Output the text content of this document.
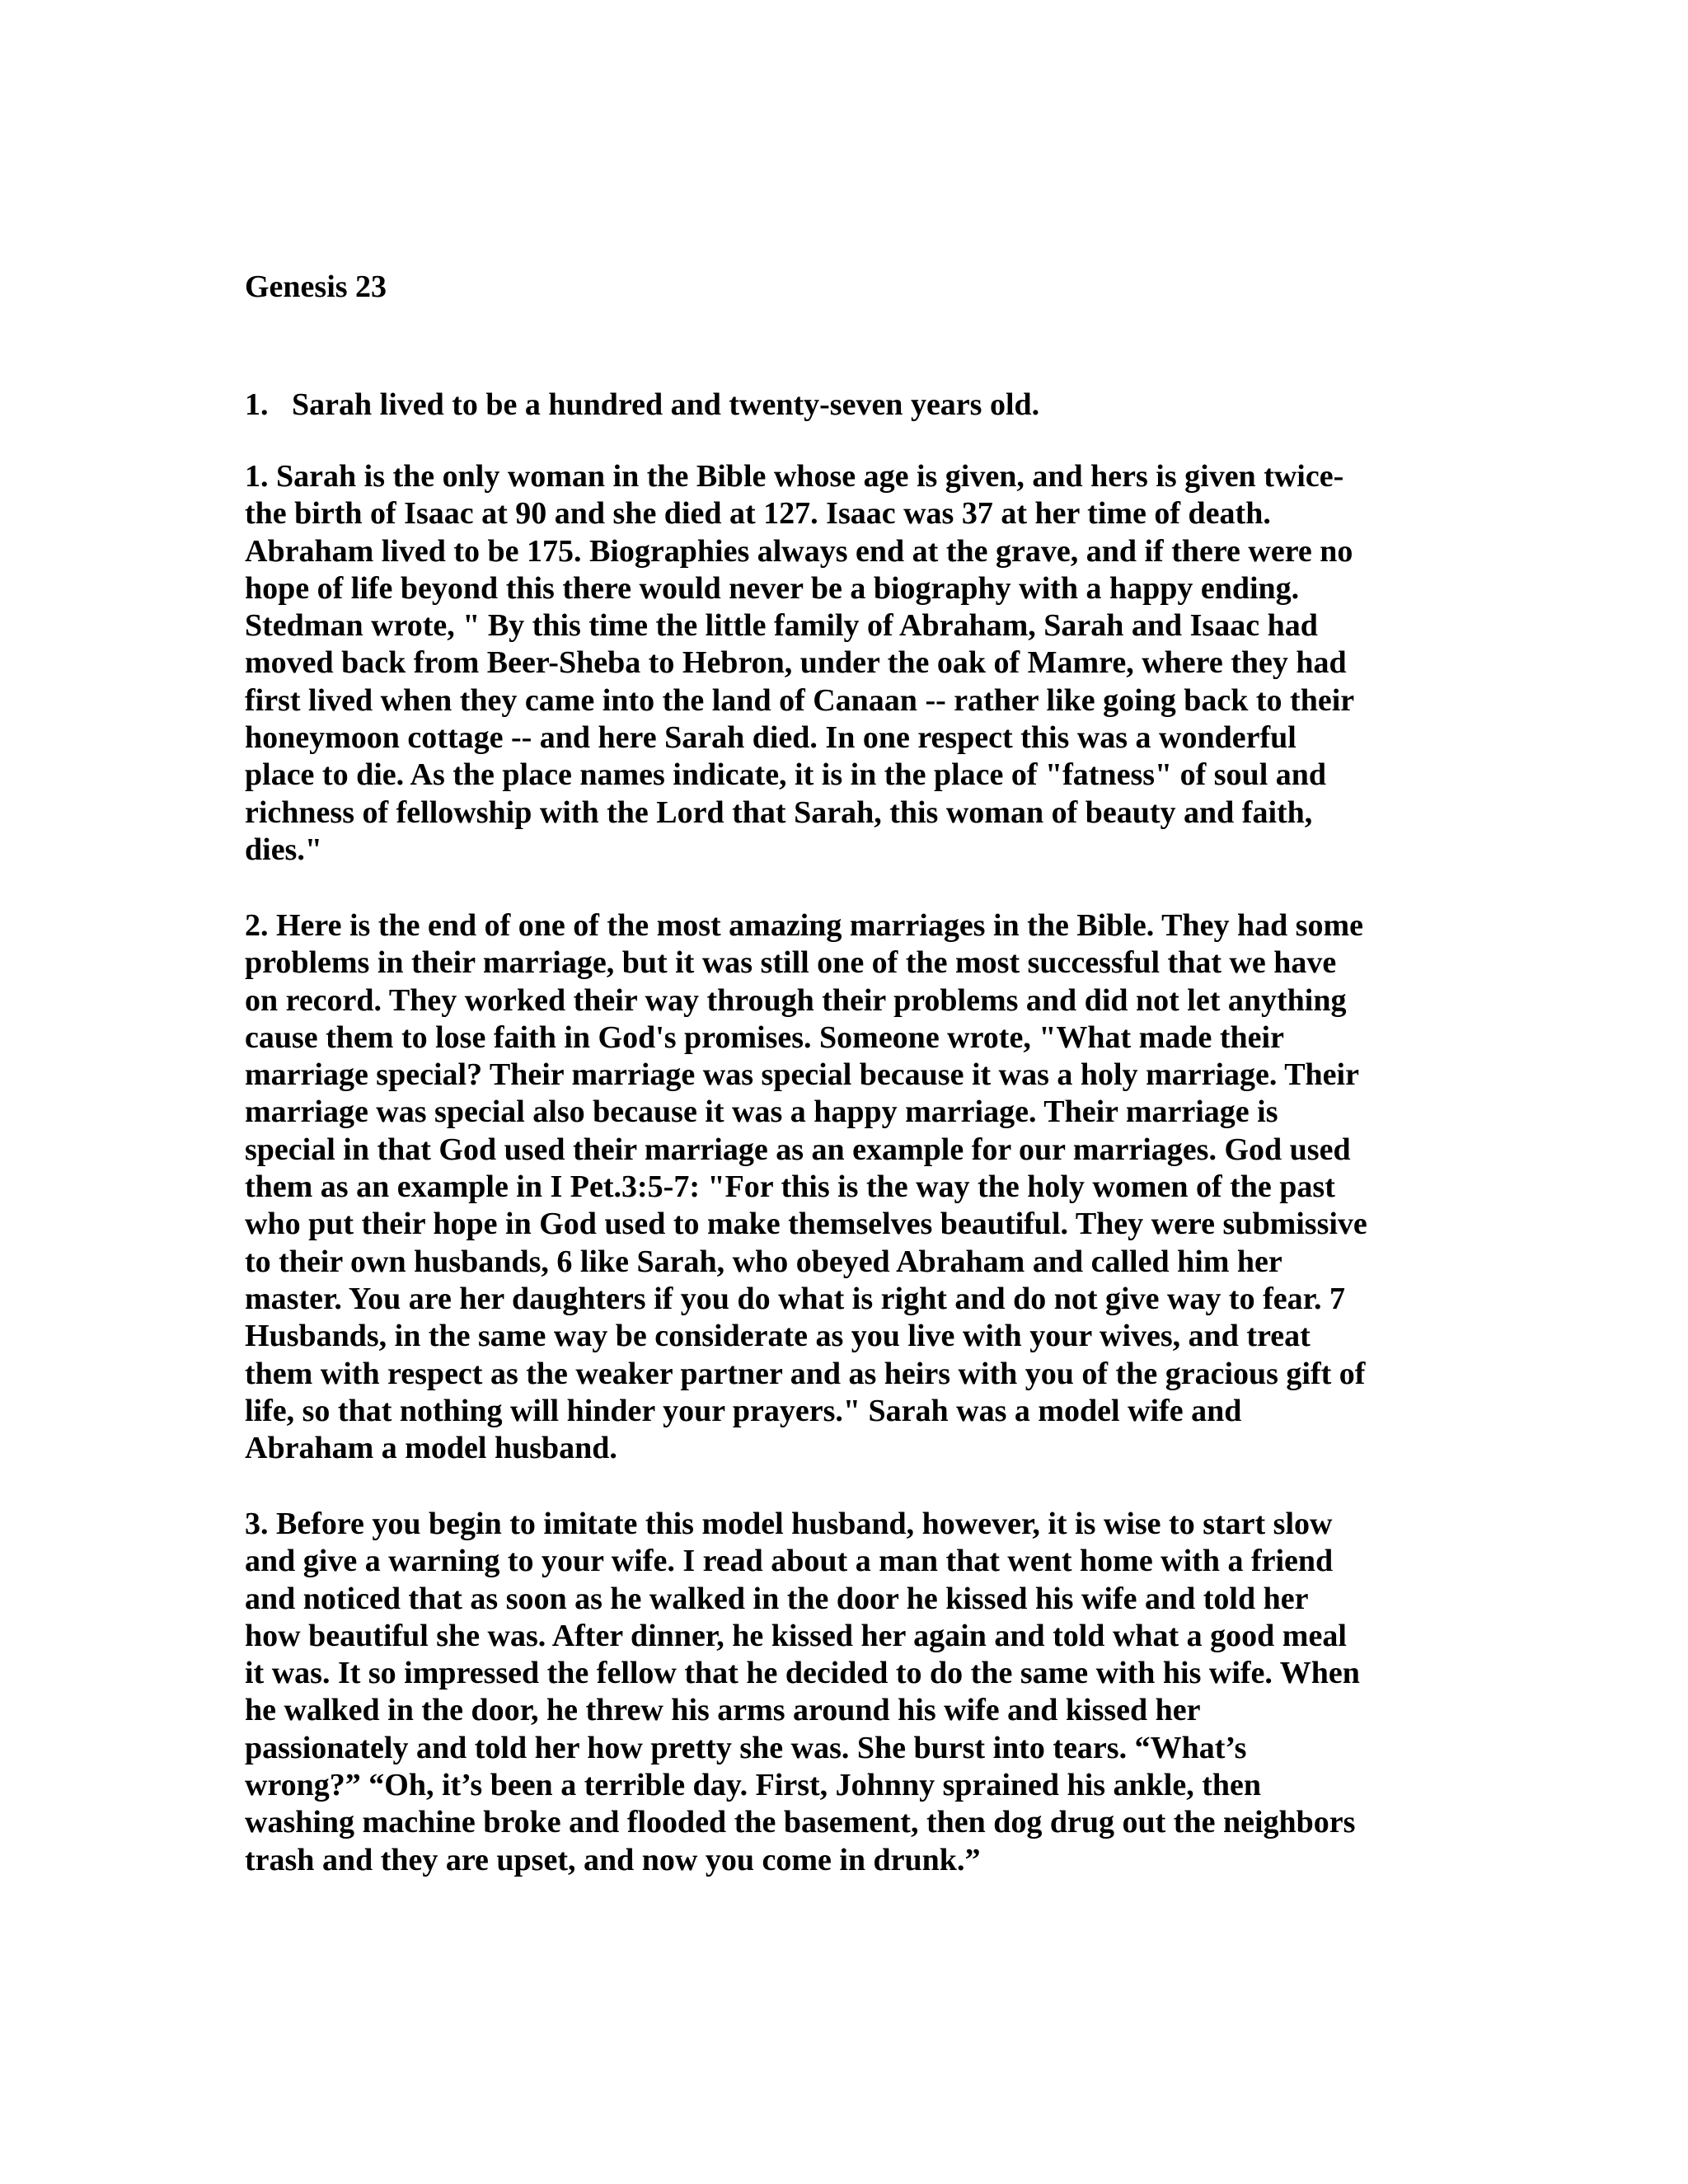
Genesis 23

1.   Sarah lived to be a hundred and twenty-seven years old.

1. Sarah is the only woman in the Bible whose age is given, and hers is given twice-
the birth of Isaac at 90 and she died at 127. Isaac was 37 at her time of death.
Abraham lived to be 175. Biographies always end at the grave, and if there were no
hope of life beyond this there would never be a biography with a happy ending.
Stedman wrote, " By this time the little family of Abraham, Sarah and Isaac had
moved back from Beer-Sheba to Hebron, under the oak of Mamre, where they had
first lived when they came into the land of Canaan -- rather like going back to their
honeymoon cottage -- and here Sarah died. In one respect this was a wonderful
place to die. As the place names indicate, it is in the place of "fatness" of soul and
richness of fellowship with the Lord that Sarah, this woman of beauty and faith,
dies."

2. Here is the end of one of the most amazing marriages in the Bible. They had some
problems in their marriage, but it was still one of the most successful that we have
on record. They worked their way through their problems and did not let anything
cause them to lose faith in God's promises. Someone wrote, "What made their
marriage special? Their marriage was special because it was a holy marriage. Their
marriage was special also because it was a happy marriage. Their marriage is
special in that God used their marriage as an example for our marriages. God used
them as an example in I Pet.3:5-7: "For this is the way the holy women of the past
who put their hope in God used to make themselves beautiful. They were submissive
to their own husbands, 6 like Sarah, who obeyed Abraham and called him her
master. You are her daughters if you do what is right and do not give way to fear. 7
Husbands, in the same way be considerate as you live with your wives, and treat
them with respect as the weaker partner and as heirs with you of the gracious gift of
life, so that nothing will hinder your prayers." Sarah was a model wife and
Abraham a model husband.

3. Before you begin to imitate this model husband, however, it is wise to start slow
and give a warning to your wife. I read about a man that went home with a friend
and noticed that as soon as he walked in the door he kissed his wife and told her
how beautiful she was. After dinner, he kissed her again and told what a good meal
it was. It so impressed the fellow that he decided to do the same with his wife. When
he walked in the door, he threw his arms around his wife and kissed her
passionately and told her how pretty she was. She burst into tears. “What’s
wrong?” “Oh, it’s been a terrible day. First, Johnny sprained his ankle, then
washing machine broke and flooded the basement, then dog drug out the neighbors
trash and they are upset, and now you come in drunk.”
